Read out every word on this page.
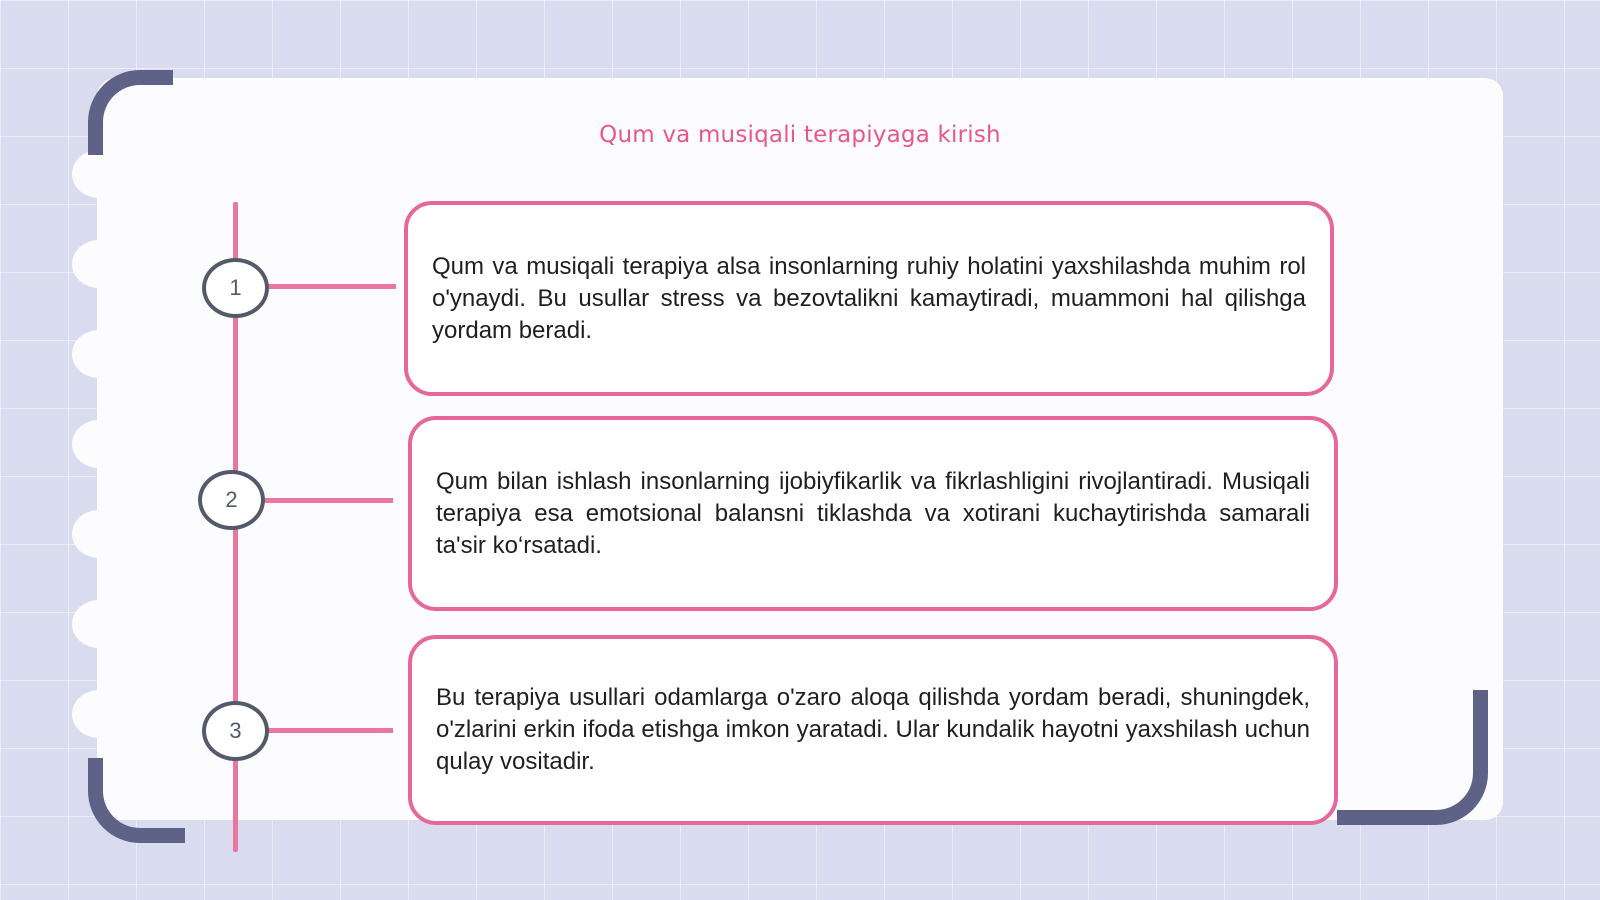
Qum va musiqali terapiyaga kirish
1
2
3

Qum va musiqali terapiya alsa insonlarning ruhiy holatini yaxshilashda muhim rol o'ynaydi. Bu usullar stress va bezovtalikni kamaytiradi, muammoni hal qilishga yordam beradi.

Qum bilan ishlash insonlarning ijobiyfikarlik va fikrlashligini rivojlantiradi. Musiqali terapiya esa emotsional balansni tiklashda va xotirani kuchaytirishda samarali ta'sir ko‘rsatadi.

Bu terapiya usullari odamlarga o'zaro aloqa qilishda yordam beradi, shuningdek, o'zlarini erkin ifoda etishga imkon yaratadi. Ular kundalik hayotni yaxshilash uchun qulay vositadir.
